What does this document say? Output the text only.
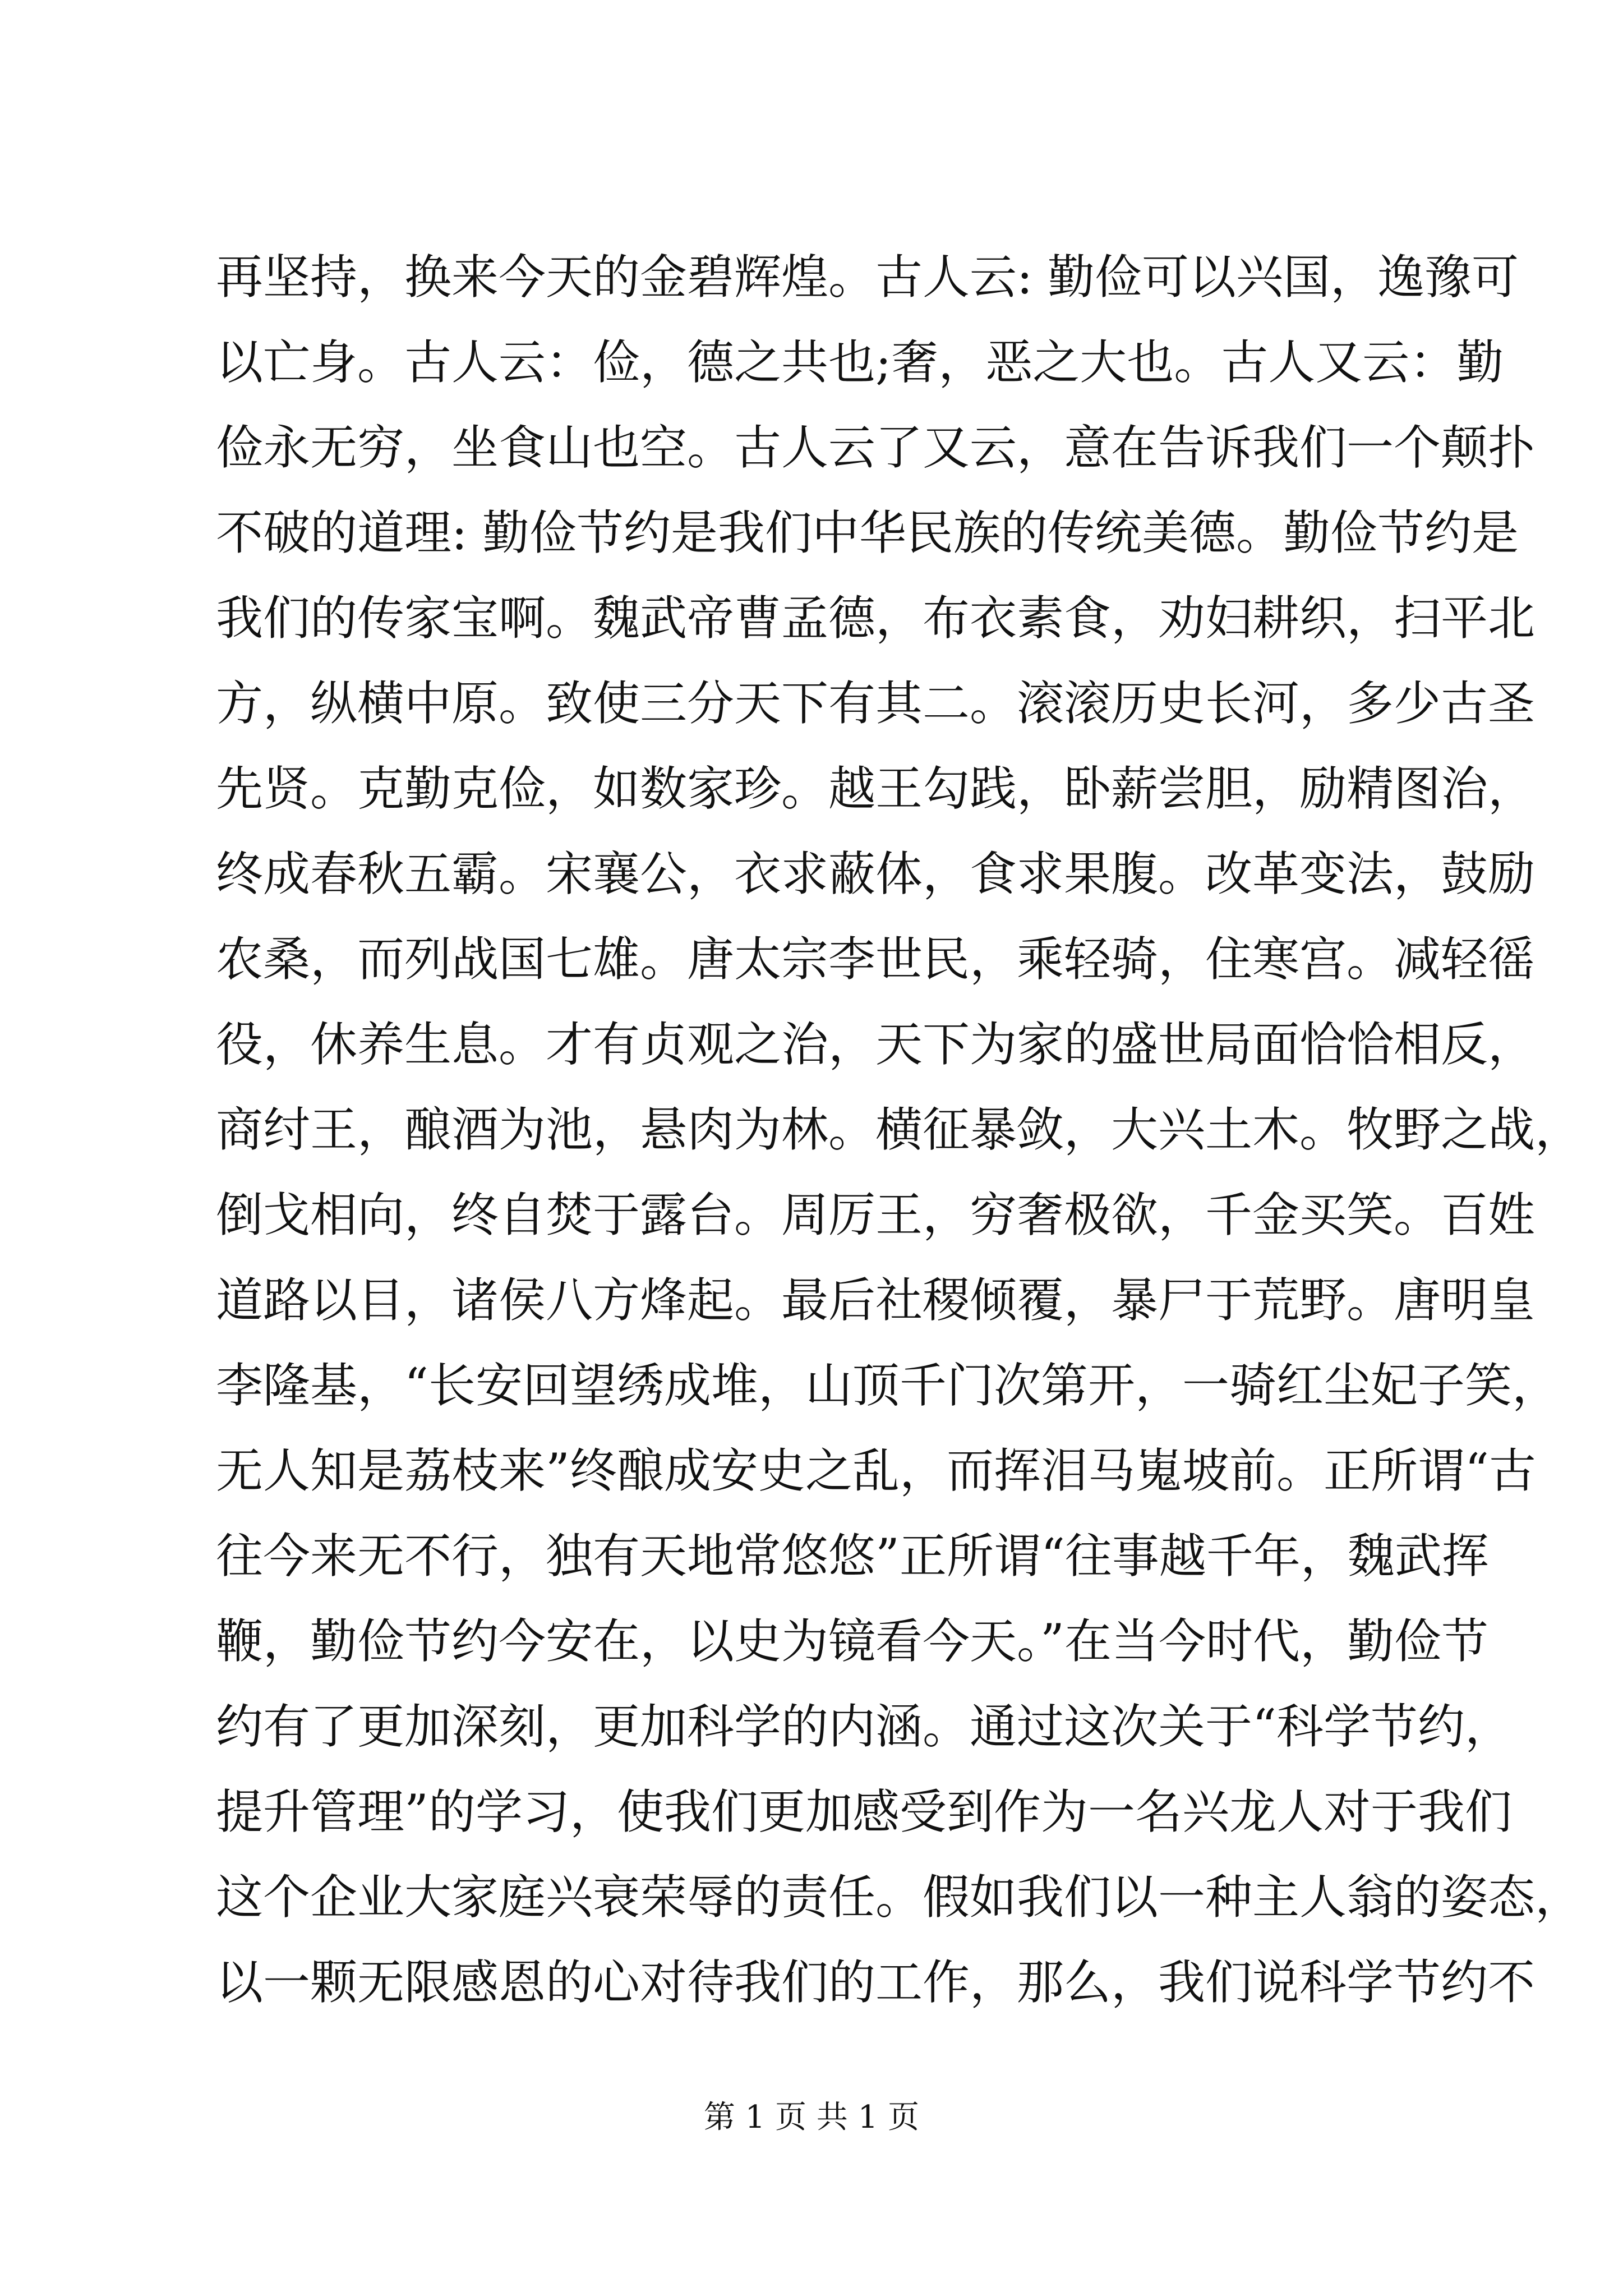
再坚持，换来今天的金碧辉煌。古人云: 勤俭可以兴国，逸豫可
以亡身。古人云：俭，德之共也;奢，恶之大也。古人又云：勤
俭永无穷，坐食山也空。古人云了又云，意在告诉我们一个颠扑
不破的道理: 勤俭节约是我们中华民族的传统美德。勤俭节约是
我们的传家宝啊。魏武帝曹孟德，布衣素食，劝妇耕织，扫平北
方，纵横中原。致使三分天下有其二。滚滚历史长河，多少古圣
先贤。克勤克俭，如数家珍。越王勾践，卧薪尝胆，励精图治，
终成春秋五霸。宋襄公，衣求蔽体，食求果腹。改革变法，鼓励
农桑，而列战国七雄。唐太宗李世民，乘轻骑，住寒宫。减轻徭
役，休养生息。才有贞观之治，天下为家的盛世局面恰恰相反，
商纣王，酿酒为池，悬肉为林。横征暴敛，大兴土木。牧野之战，
倒戈相向，终自焚于露台。周厉王，穷奢极欲，千金买笑。百姓
道路以目，诸侯八方烽起。最后社稷倾覆，暴尸于荒野。唐明皇
李隆基，“长安回望绣成堆，山顶千门次第开，一骑红尘妃子笑，
无人知是荔枝来”终酿成安史之乱，而挥泪马嵬坡前。正所谓“古
往今来无不行，独有天地常悠悠”正所谓“往事越千年，魏武挥
鞭，勤俭节约今安在，以史为镜看今天。”在当今时代，勤俭节
约有了更加深刻，更加科学的内涵。通过这次关于“科学节约，
提升管理”的学习，使我们更加感受到作为一名兴龙人对于我们
这个企业大家庭兴衰荣辱的责任。假如我们以一种主人翁的姿态，
以一颗无限感恩的心对待我们的工作，那么，我们说科学节约不
第 1 页 共 1 页
